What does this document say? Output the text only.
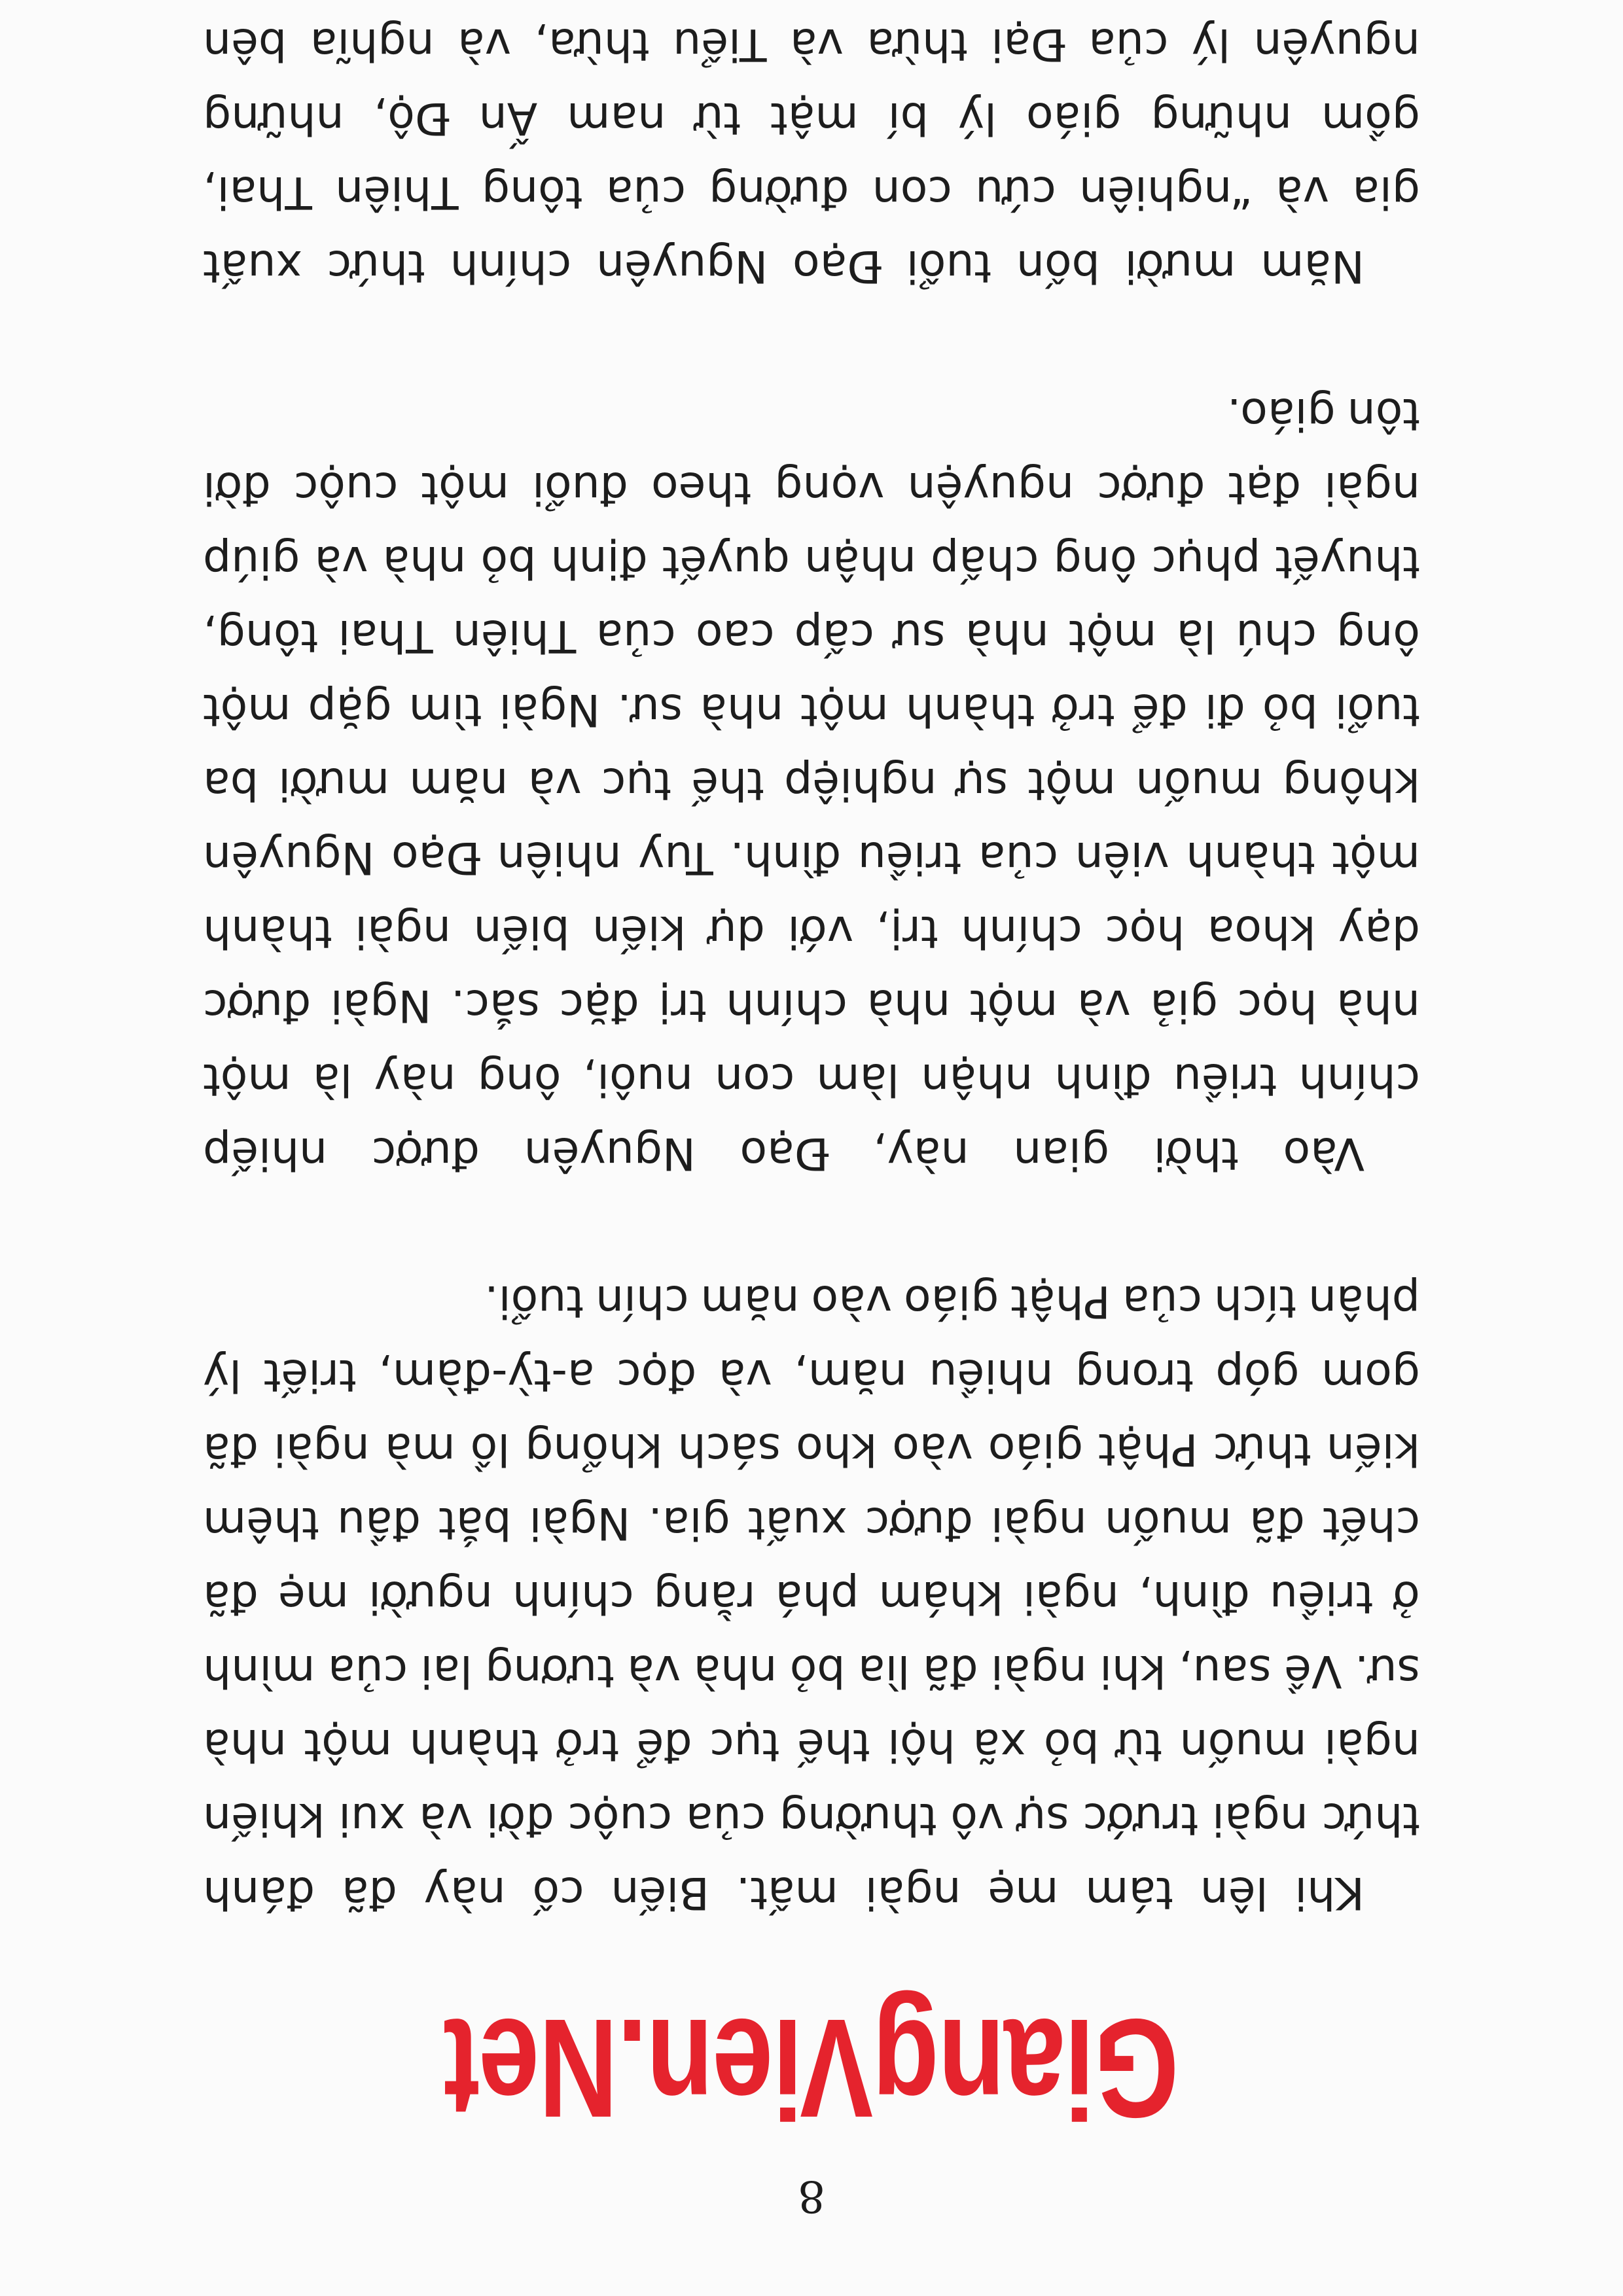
8
GiangVien.Net
Khi
lên
tám
mẹ
ngài
mất.
Biến
cố
này
đã
đánh
thức
ngài
trước
sự
vô
thường
của
cuộc
đời
và
xui
khiến
ngài
muốn
từ
bỏ
xã
hội
thế
tục
để
trở
thành
một
nhà
sư.
Về
sau,
khi
ngài
đã
lìa
bỏ
nhà
và
tương
lai
của
mình
ở
triều
đình,
ngài
khám
phá
rằng
chính
người
mẹ
đã
chết
đã
muốn
ngài
được
xuất
gia.
Ngài
bắt
đầu
thêm
kiến
thức
Phật
giáo
vào
kho
sách
khổng
lồ
mà
ngài
đã
gom
góp
trong
nhiều
năm,
và
đọc
a-tỳ-đàm,
triết
lý
phân
tích
của
Phật
giáo
vào
năm
chín
tuổi.
Vào
thời
gian
này,
Đạo
Nguyên
được
nhiếp
chính
triều
đình
nhận
làm
con
nuôi,
ông
này
là
một
nhà
học
giả
và
một
nhà
chính
trị
đặc
sắc.
Ngài
được
dạy
khoa
học
chính
trị,
với
dự
kiến
biến
ngài
thành
một
thành
viên
của
triều
đình.
Tuy
nhiên
Đạo
Nguyên
không
muốn
một
sự
nghiệp
thế
tục
và
năm
mười
ba
tuổi
bỏ
đi
để
trở
thành
một
nhà
sư.
Ngài
tìm
gặp
một
ông
chú
là
một
nhà
sư
cấp
cao
của
Thiên
Thai
tông,
thuyết
phục
ông
chấp
nhận
quyết
định
bỏ
nhà
và
giúp
ngài
đạt
được
nguyện
vọng
theo
đuổi
một
cuộc
đời
tôn
giáo.
Năm
mười
bốn
tuổi
Đạo
Nguyên
chính
thức
xuất
gia
và
“nghiên
cứu
con
đường
của
tông
Thiên
Thai,
gồm
những
giáo
lý
bí
mật
từ
nam
Ấn
Độ,
những
nguyên
lý
của
Đại
thừa
và
Tiểu
thừa,
và
nghĩa
bên
